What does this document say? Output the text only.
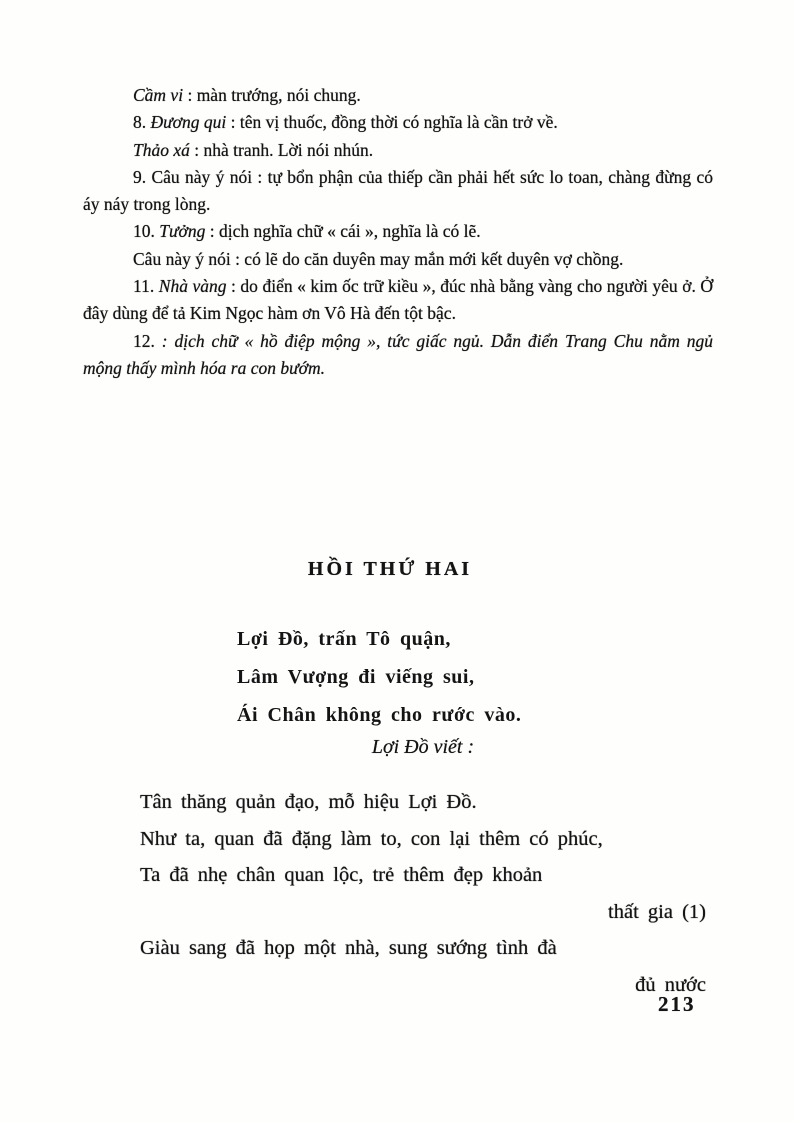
Cầm vi : màn trướng, nói chung.

8. Đương qui : tên vị thuốc, đồng thời có nghĩa là cần trở về.

Thảo xá : nhà tranh. Lời nói nhún.

9. Câu này ý nói : tự bổn phận của thiếp cần phải hết sức lo toan, chàng đừng có áy náy trong lòng.

10. Tưởng : dịch nghĩa chữ « cái », nghĩa là có lẽ.

Câu này ý nói : có lẽ do căn duyên may mắn mới kết duyên vợ chồng.

11. Nhà vàng : do điển « kim ốc trữ kiều », đúc nhà bằng vàng cho người yêu ở. Ở đây dùng để tả Kim Ngọc hàm ơn Vô Hà đến tột bậc.

12. : dịch chữ « hồ điệp mộng », tức giấc ngủ. Dẫn điển Trang Chu nằm ngủ mộng thấy mình hóa ra con bướm.

HỒI THỨ HAI
Lợi Đồ, trấn Tô quận,
Lâm Vượng đi viếng sui,
Ái Chân không cho rước vào.
Lợi Đồ viết :
Tân thăng quản đạo, mỗ hiệu Lợi Đồ.
Như ta, quan đã đặng làm to, con lại thêm có phúc,
Ta đã nhẹ chân quan lộc, trẻ thêm đẹp khoản
thất gia (1)
Giàu sang đã họp một nhà, sung sướng tình đà
đủ nước
213
